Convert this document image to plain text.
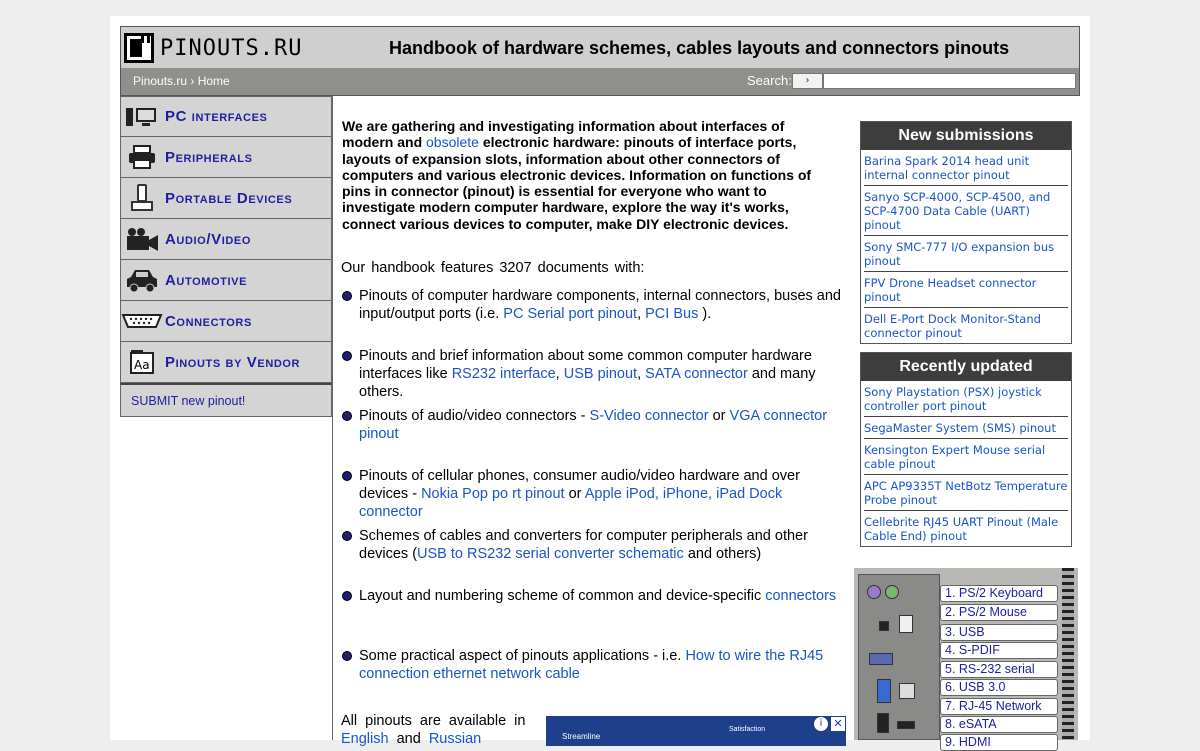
PINOUTS.RU	Handbook of hardware schemes, cables layouts and connectors pinouts
Pinouts.ru › Home	Search:	›
PC interfaces
Peripherals
Portable Devices
Audio/Video
Automotive
Connectors
Aa Pinouts by Vendor
SUBMIT new pinout!
We are gathering and investigating information about interfaces of modern and obsolete electronic hardware: pinouts of interface ports, layouts of expansion slots, information about other connectors of computers and various electronic devices. Information on functions of pins in connector (pinout) is essential for everyone who want to investigate modern computer hardware, explore the way it's works, connect various devices to computer, make DIY electronic devices.
Our handbook features 3207 documents with:
Pinouts of computer hardware components, internal connectors, buses and input/output ports (i.e. PC Serial port pinout, PCI Bus ).
Pinouts and brief information about some common computer hardware interfaces like RS232 interface, USB pinout, SATA connector and many others.
Pinouts of audio/video connectors - S-Video connector or VGA connector pinout
Pinouts of cellular phones, consumer audio/video hardware and over devices - Nokia Pop po rt pinout or Apple iPod, iPhone, iPad Dock connector
Schemes of cables and converters for computer peripherals and other devices (USB to RS232 serial converter schematic and others)
Layout and numbering scheme of common and device-specific connectors
Some practical aspect of pinouts applications - i.e. How to wire the RJ45 connection ethernet network cable
All pinouts are available in English and Russian	Streamline
Satisfaction
i	✕
New submissions
Barina Spark 2014 head unit internal connector pinout
Sanyo SCP-4000, SCP-4500, and SCP-4700 Data Cable (UART) pinout
Sony SMC-777 I/O expansion bus pinout
FPV Drone Headset connector pinout
Dell E-Port Dock Monitor-Stand connector pinout
Recently updated
Sony Playstation (PSX) joystick controller port pinout
SegaMaster System (SMS) pinout
Kensington Expert Mouse serial cable pinout
APC AP9335T NetBotz Temperature Probe pinout
Cellebrite RJ45 UART Pinout (Male Cable End) pinout
1. PS/2 Keyboard
2. PS/2 Mouse
3. USB
4. S-PDIF
5. RS-232 serial
6. USB 3.0
7. RJ-45 Network
8. eSATA
9. HDMI
